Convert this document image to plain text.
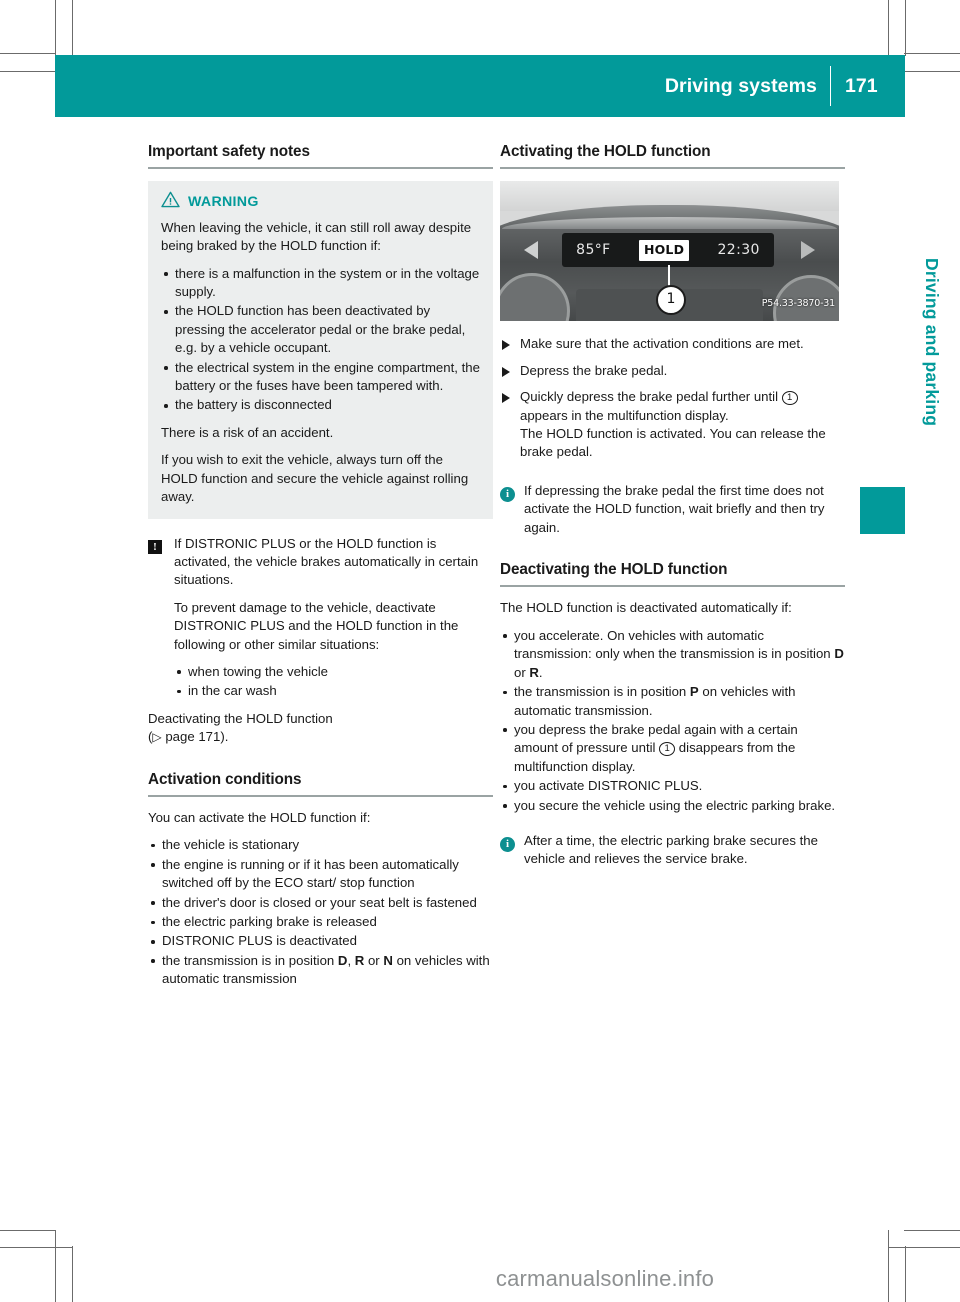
Driving systems	171
Driving and parking
Important safety notes
WARNING

When leaving the vehicle, it can still roll away despite being braked by the HOLD function if:

there is a malfunction in the system or in the voltage supply.
the HOLD function has been deactivated by pressing the accelerator pedal or the brake pedal, e.g. by a vehicle occupant.
the electrical system in the engine compartment, the battery or the fuses have been tampered with.
the battery is disconnected

There is a risk of an accident.

If you wish to exit the vehicle, always turn off the HOLD function and secure the vehicle against rolling away.

!	If DISTRONIC PLUS or the HOLD function is activated, the vehicle brakes automatically in certain situations.

To prevent damage to the vehicle, deactivate DISTRONIC PLUS and the HOLD function in the following or other similar situations:

when towing the vehicle
in the car wash
Deactivating the HOLD function
(▷ page 171).
Activation conditions

You can activate the HOLD function if:

the vehicle is stationary
the engine is running or if it has been automatically switched off by the ECO start/ stop function
the driver's door is closed or your seat belt is fastened
the electric parking brake is released
DISTRONIC PLUS is deactivated
the transmission is in position D, R or N on vehicles with automatic transmission
Activating the HOLD function
85°F	HOLD	22:30
1	P54.33-3870-31
Make sure that the activation conditions are met.
Depress the brake pedal.
Quickly depress the brake pedal further until 1 appears in the multifunction display.
The HOLD function is activated. You can release the brake pedal.
i	If depressing the brake pedal the first time does not activate the HOLD function, wait briefly and then try again.
Deactivating the HOLD function

The HOLD function is deactivated automatically if:

you accelerate. On vehicles with automatic transmission: only when the transmission is in position D or R.
the transmission is in position P on vehicles with automatic transmission.
you depress the brake pedal again with a certain amount of pressure until 1 disappears from the multifunction display.
you activate DISTRONIC PLUS.
you secure the vehicle using the electric parking brake.
i	After a time, the electric parking brake secures the vehicle and relieves the service brake.
carmanualsonline.info
